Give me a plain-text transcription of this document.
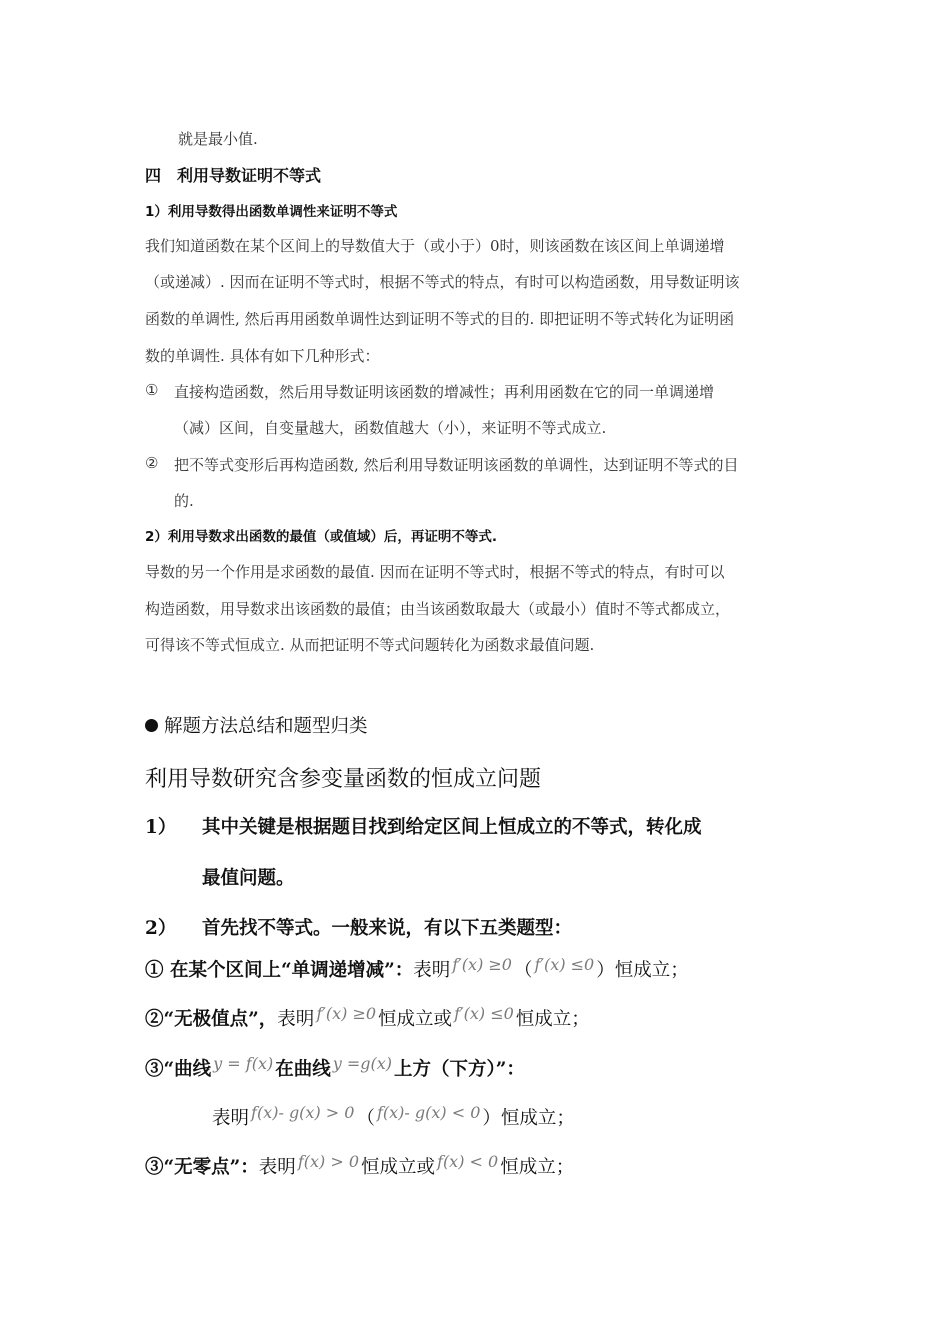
就是最小值.
四　利用导数证明不等式
1）利用导数得出函数单调性来证明不等式
我们知道函数在某个区间上的导数值大于（或小于）0时，则该函数在该区间上单调递增
（或递减）. 因而在证明不等式时，根据不等式的特点，有时可以构造函数，用导数证明该
函数的单调性, 然后再用函数单调性达到证明不等式的目的. 即把证明不等式转化为证明函
数的单调性. 具体有如下几种形式：
① 直接构造函数，然后用导数证明该函数的增减性；再利用函数在它的同一单调递增
（减）区间，自变量越大，函数值越大（小），来证明不等式成立.
② 把不等式变形后再构造函数, 然后利用导数证明该函数的单调性，达到证明不等式的目
的.
2）利用导数求出函数的最值（或值域）后，再证明不等式.
导数的另一个作用是求函数的最值. 因而在证明不等式时，根据不等式的特点，有时可以
构造函数，用导数求出该函数的最值；由当该函数取最大（或最小）值时不等式都成立，
可得该不等式恒成立. 从而把证明不等式问题转化为函数求最值问题.
解题方法总结和题型归类
利用导数研究含参变量函数的恒成立问题
1） 其中关键是根据题目找到给定区间上恒成立的不等式，转化成
最值问题。
2） 首先找不等式。一般来说，有以下五类题型：
① 在某个区间上“单调递增减”：表明 f′(x) ≥0 （ f′(x) ≤0 ）恒成立；
②“无极值点”，表明 f′(x) ≥0 恒成立或 f′(x) ≤0 恒成立；
③“曲线 y = f(x) 在曲线 y =g(x) 上方（下方）”：
表明 f(x)- g(x) > 0 （ f(x)- g(x) < 0 ）恒成立；
③“无零点”：表明 f(x) > 0 恒成立或 f(x) < 0 恒成立；
